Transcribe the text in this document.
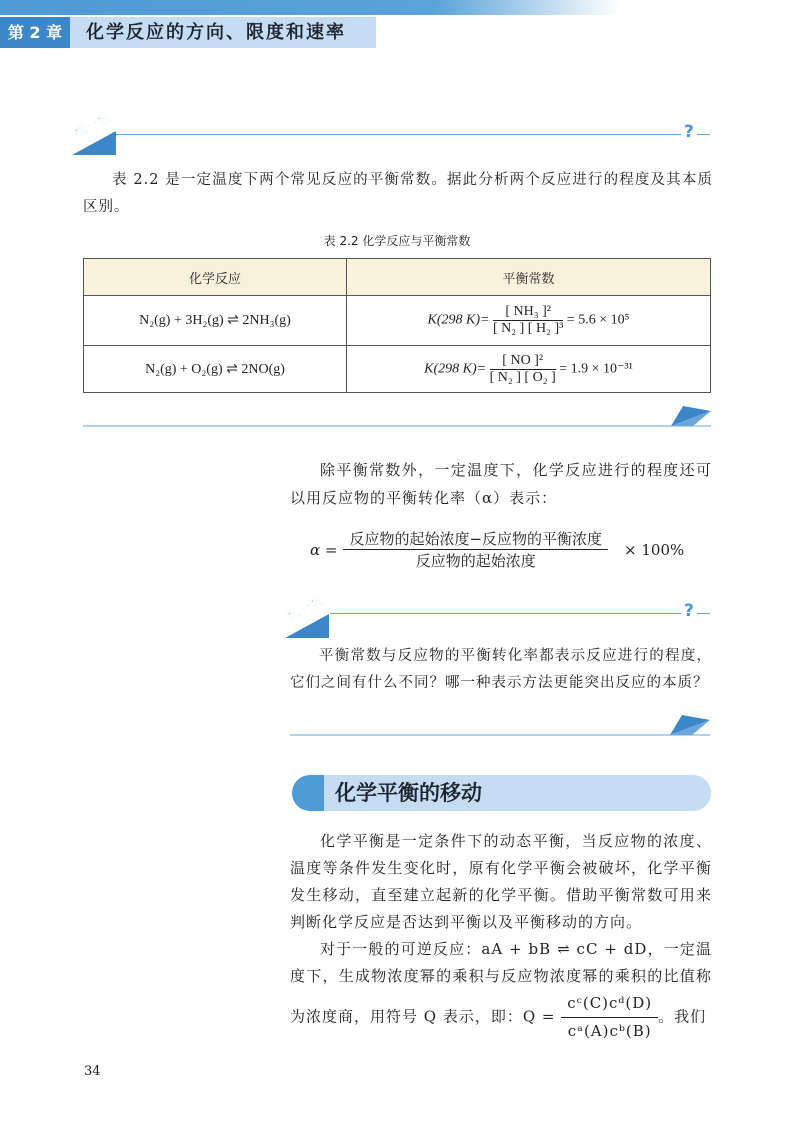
第 2 章	化学反应的方向、限度和速率
想一想	?
表 2.2 是一定温度下两个常见反应的平衡常数。据此分析两个反应进行的程度及其本质区别。
表 2.2 化学反应与平衡常数
化学反应	平衡常数
N₂(g) + 3H₂(g) ⇌ 2NH₃(g)	K(298 $K)= \frac{\text{[ NH₃ ]²}}{\text{[ N₂ ] [ H₂ ]³}} = 5.6 \times 10^5$
N₂(g) + O₂(g) ⇌ 2NO(g)	K(298 $K)= \frac{\text{[ NO ]²}}{\text{[ N₂ ] [ O₂ ]}} = 1.9 \times 10^{-31}$
除平衡常数外，一定温度下，化学反应进行的程度还可以用反应物的平衡转化率（α）表示：
$\alpha = \frac{\text{反应物的起始浓度−反应物的平衡浓度}}{\text{反应物的起始浓度}} \times 100\%$
想一想	?
平衡常数与反应物的平衡转化率都表示反应进行的程度，它们之间有什么不同？哪一种表示方法更能突出反应的本质？
化学平衡的移动
化学平衡是一定条件下的动态平衡，当反应物的浓度、温度等条件发生变化时，原有化学平衡会被破坏，化学平衡发生移动，直至建立起新的化学平衡。借助平衡常数可用来判断化学反应是否达到平衡以及平衡移动的方向。
对于一般的可逆反应：aA + bB ⇌ cC + dD，一定温度下，生成物浓度幂的乘积与反应物浓度幂的乘积的比值称为浓度商，用符号 Q 表示，即：$Q = \frac{\text{cᶜ(C)cᵈ(D)}}{\text{cᵃ(A)cᵇ(B)}}$ 。我们
34
